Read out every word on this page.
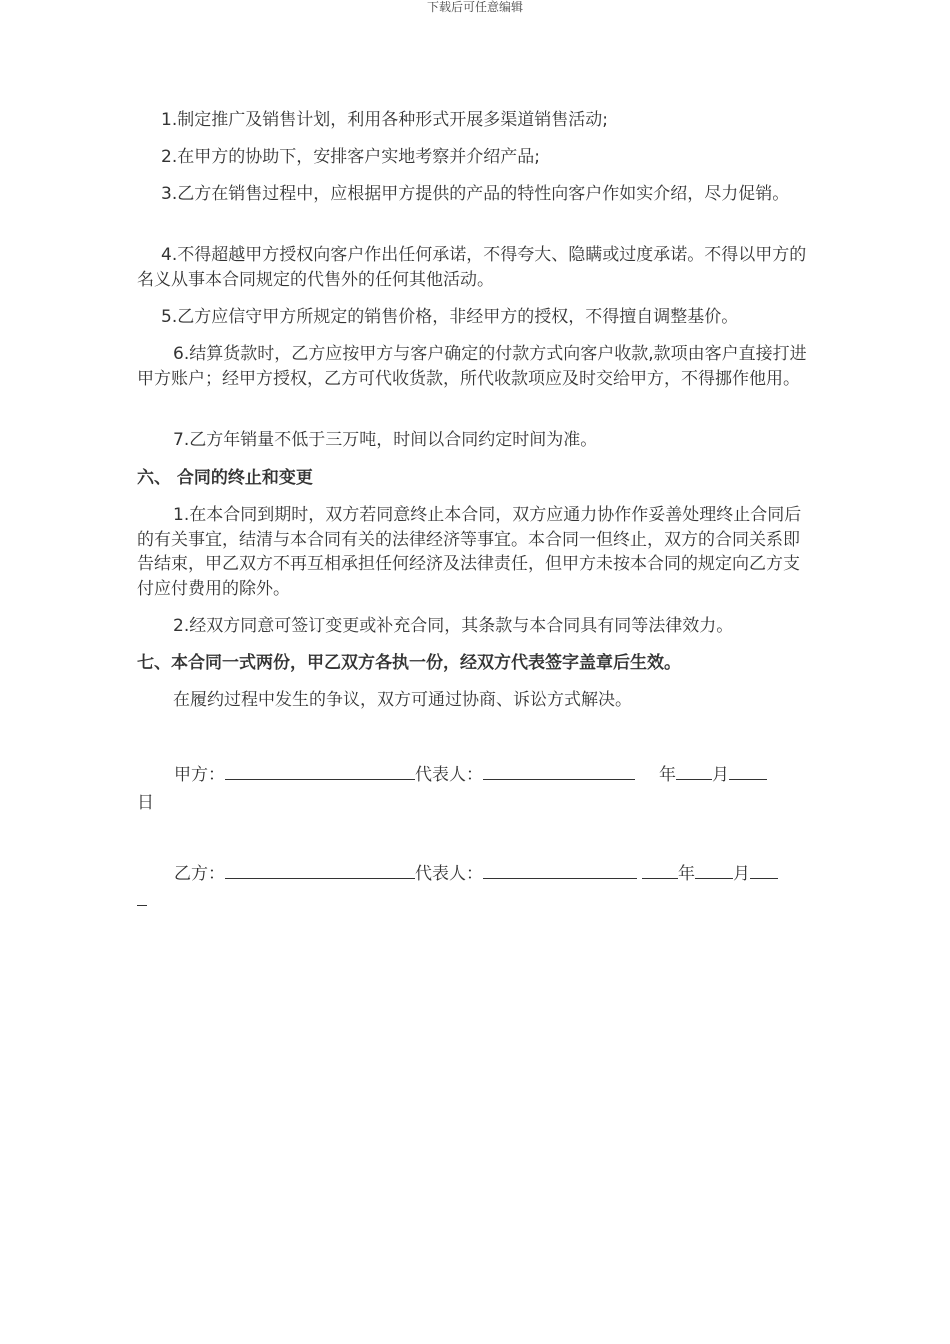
下载后可任意编辑

1.制定推广及销售计划，利用各种形式开展多渠道销售活动;

2.在甲方的协助下，安排客户实地考察并介绍产品;

3.乙方在销售过程中，应根据甲方提供的产品的特性向客户作如实介绍，尽力促销。

4.不得超越甲方授权向客户作出任何承诺，不得夸大、隐瞒或过度承诺。不得以甲方的名义从事本合同规定的代售外的任何其他活动。

5.乙方应信守甲方所规定的销售价格，非经甲方的授权，不得擅自调整基价。

6.结算货款时，乙方应按甲方与客户确定的付款方式向客户收款,款项由客户直接打进甲方账户；经甲方授权，乙方可代收货款，所代收款项应及时交给甲方，不得挪作他用。

7.乙方年销量不低于三万吨，时间以合同约定时间为准。

六、 合同的终止和变更

1.在本合同到期时，双方若同意终止本合同，双方应通力协作作妥善处理终止合同后的有关事宜，结清与本合同有关的法律经济等事宜。本合同一但终止，双方的合同关系即告结束，甲乙双方不再互相承担任何经济及法律责任，但甲方未按本合同的规定向乙方支付应付费用的除外。

2.经双方同意可签订变更或补充合同，其条款与本合同具有同等法律效力。

七、本合同一式两份，甲乙双方各执一份，经双方代表签字盖章后生效。

在履约过程中发生的争议，双方可通过协商、诉讼方式解决。

甲方：	代表人：	年 月
日
乙方：	代表人：	年 月
